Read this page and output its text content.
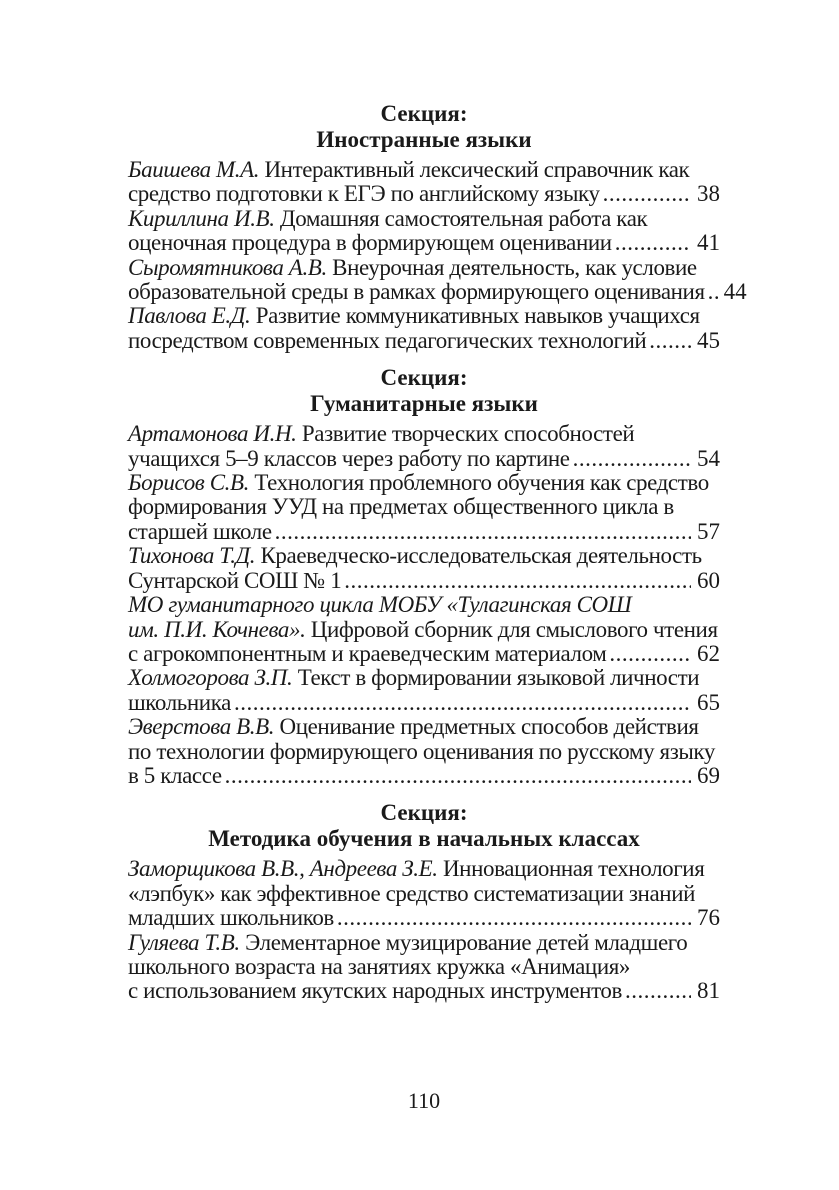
Секция:
Иностранные языки
Баишева М.А. Интерактивный лексический справочник как
средство подготовки к ЕГЭ по английскому языку .....	38
Кириллина И.В. Домашняя самостоятельная работа как
оценочная процедура в формирующем оценивании .....	41
Сыромятникова А.В. Внеурочная деятельность, как условие
образовательной среды в рамках формирующего оценивания ..... 44
Павлова Е.Д. Развитие коммуникативных навыков учащихся
посредством современных педагогических технологий ..... 45
Секция:
Гуманитарные языки
Артамонова И.Н. Развитие творческих способностей
учащихся 5–9 классов через работу по картине .....	54
Борисов С.В. Технология проблемного обучения как средство
формирования УУД на предметах общественного цикла в
старшей школе .....	57
Тихонова Т.Д. Краеведческо-исследовательская деятельность
Сунтарской СОШ № 1 .....	60
МО гуманитарного цикла МОБУ «Тулагинская СОШ
им. П.И. Кочнева». Цифровой сборник для смыслового чтения
с агрокомпонентным и краеведческим материалом .....	62
Холмогорова З.П. Текст в формировании языковой личности
школьника .....	65
Эверстова В.В. Оценивание предметных способов действия
по технологии формирующего оценивания по русскому языку
в 5 классе .....	69
Секция:
Методика обучения в начальных классах
Заморщикова В.В., Андреева З.Е. Инновационная технология
«лэпбук» как эффективное средство систематизации знаний
младших школьников .....	76
Гуляева Т.В. Элементарное музицирование детей младшего
школьного возраста на занятиях кружка «Анимация»
с использованием якутских народных инструментов .....	81
110
